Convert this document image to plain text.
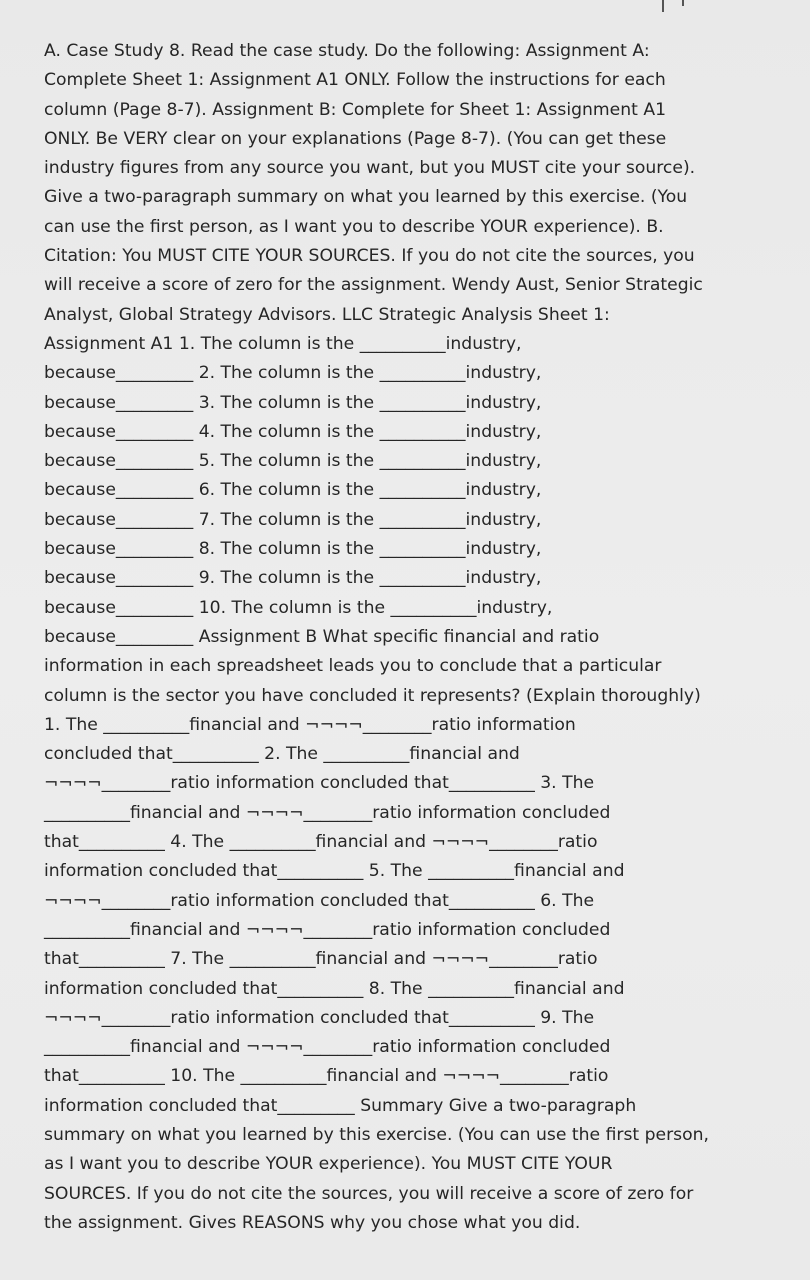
A. Case Study 8. Read the case study. Do the following: Assignment A:
Complete Sheet 1: Assignment A1 ONLY. Follow the instructions for each
column (Page 8-7). Assignment B: Complete for Sheet 1: Assignment A1
ONLY. Be VERY clear on your explanations (Page 8-7). (You can get these
industry figures from any source you want, but you MUST cite your source).
Give a two-paragraph summary on what you learned by this exercise. (You
can use the first person, as I want you to describe YOUR experience). B.
Citation: You MUST CITE YOUR SOURCES. If you do not cite the sources, you
will receive a score of zero for the assignment. Wendy Aust, Senior Strategic
Analyst, Global Strategy Advisors. LLC Strategic Analysis Sheet 1:
Assignment A1 1. The column is the __________industry,
because_________ 2. The column is the __________industry,
because_________ 3. The column is the __________industry,
because_________ 4. The column is the __________industry,
because_________ 5. The column is the __________industry,
because_________ 6. The column is the __________industry,
because_________ 7. The column is the __________industry,
because_________ 8. The column is the __________industry,
because_________ 9. The column is the __________industry,
because_________ 10. The column is the __________industry,
because_________ Assignment B What specific financial and ratio
information in each spreadsheet leads you to conclude that a particular
column is the sector you have concluded it represents? (Explain thoroughly)
1. The __________financial and ¬¬¬¬________ratio information
concluded that__________ 2. The __________financial and
¬¬¬¬________ratio information concluded that__________ 3. The
__________financial and ¬¬¬¬________ratio information concluded
that__________ 4. The __________financial and ¬¬¬¬________ratio
information concluded that__________ 5. The __________financial and
¬¬¬¬________ratio information concluded that__________ 6. The
__________financial and ¬¬¬¬________ratio information concluded
that__________ 7. The __________financial and ¬¬¬¬________ratio
information concluded that__________ 8. The __________financial and
¬¬¬¬________ratio information concluded that__________ 9. The
__________financial and ¬¬¬¬________ratio information concluded
that__________ 10. The __________financial and ¬¬¬¬________ratio
information concluded that_________ Summary Give a two-paragraph
summary on what you learned by this exercise. (You can use the first person,
as I want you to describe YOUR experience). You MUST CITE YOUR
SOURCES. If you do not cite the sources, you will receive a score of zero for
the assignment. Gives REASONS why you chose what you did.
